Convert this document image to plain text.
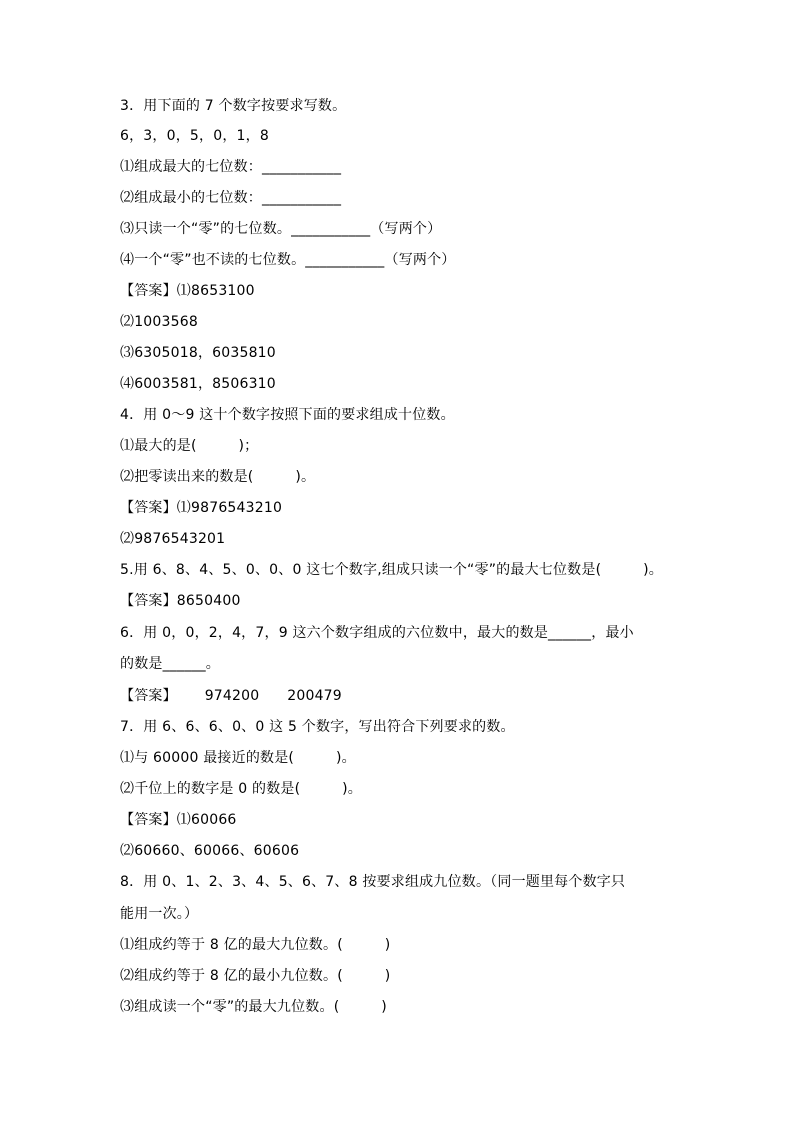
3．用下面的 7 个数字按要求写数。
6，3，0，5，0，1，8
⑴组成最大的七位数：___________
⑵组成最小的七位数：___________
⑶只读一个“零”的七位数。___________（写两个）
⑷一个“零”也不读的七位数。___________（写两个）
【答案】⑴8653100
⑵1003568
⑶6305018，6035810
⑷6003581，8506310
4．用 0～9 这十个数字按照下面的要求组成十位数。
⑴最大的是(         )；
⑵把零读出来的数是(         )。
【答案】⑴9876543210
⑵9876543201
5.用 6、8、4、5、0、0、0 这七个数字,组成只读一个“零”的最大七位数是(         )。
【答案】8650400
6．用 0，0，2，4，7，9 这六个数字组成的六位数中，最大的数是______，最小
的数是______。
【答案】      974200      200479
7．用 6、6、6、0、0 这 5 个数字，写出符合下列要求的数。
⑴与 60000 最接近的数是(         )。
⑵千位上的数字是 0 的数是(         )。
【答案】⑴60066
⑵60660、60066、60606
8．用 0、1、2、3、4、5、6、7、8 按要求组成九位数。（同一题里每个数字只
能用一次。）
⑴组成约等于 8 亿的最大九位数。(         )
⑵组成约等于 8 亿的最小九位数。(         )
⑶组成读一个“零”的最大九位数。(         )
